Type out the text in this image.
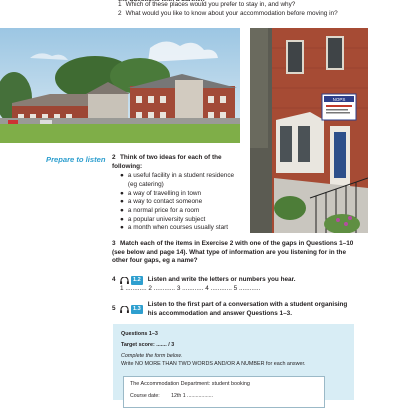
1 Which of these places would you prefer to stay in, and why?
2 What would you like to know about your accommodation before moving in?
NOPS
Prepare to listen 2 Think of two ideas for each of the following:
● a useful facility in a student residence (eg catering)
● a way of travelling in town
● a way to contact someone
● a normal price for a room
● a popular university subject
● a month when courses usually start
3 Match each of the items in Exercise 2 with one of the gaps in Questions 1–10 (see below and page 14). What type of information are you listening for in the other four gaps, eg a name?
4	1.2	Listen and write the letters or numbers you hear.
1 ............ 2 ............ 3 ............ 4 ............ 5 ............
5	1.3
Listen to the first part of a conversation with a student organising his accommodation and answer Questions 1–3.
Questions 1–3
Target score: ....... / 3
Complete the form below.
Write NO MORE THAN TWO WORDS AND/OR A NUMBER for each answer.
The Accommodation Department: student booking
Course date: 12th 1 ..................
